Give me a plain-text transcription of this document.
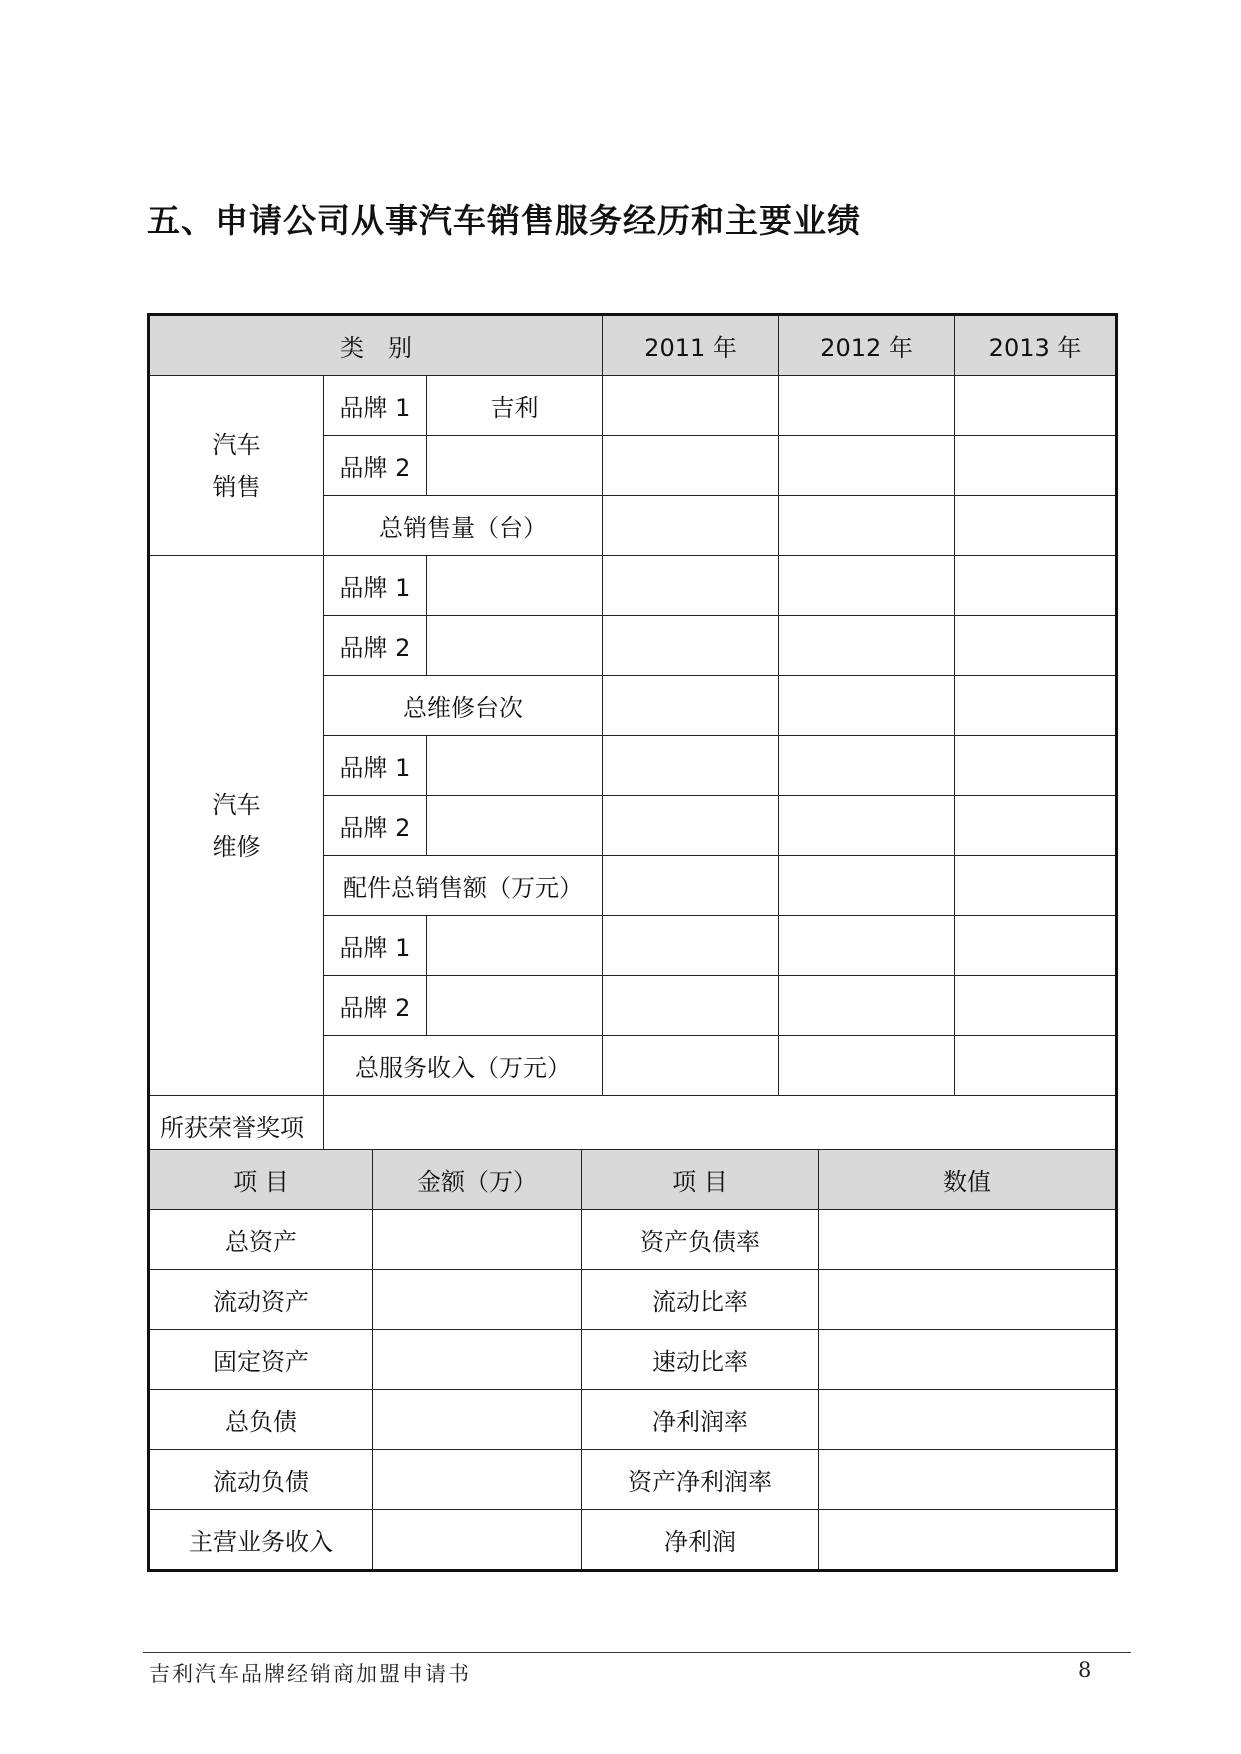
五、申请公司从事汽车销售服务经历和主要业绩
类　别			2011 年	2012 年	2013 年
汽车
销售	品牌 1	吉利			
	品牌 2				
	总销售量（台）				
汽车
维修	品牌 1				
	品牌 2				
	总维修台次				
	品牌 1				
	品牌 2				
	配件总销售额（万元）				
	品牌 1				
	品牌 2				
	总服务收入（万元）				
所获荣誉奖项					
项 目	金额（万）	项 目	数值
总资产		资产负债率	
流动资产		流动比率	
固定资产		速动比率	
总负债		净利润率	
流动负债		资产净利润率	
主营业务收入		净利润	
吉利汽车品牌经销商加盟申请书	8
